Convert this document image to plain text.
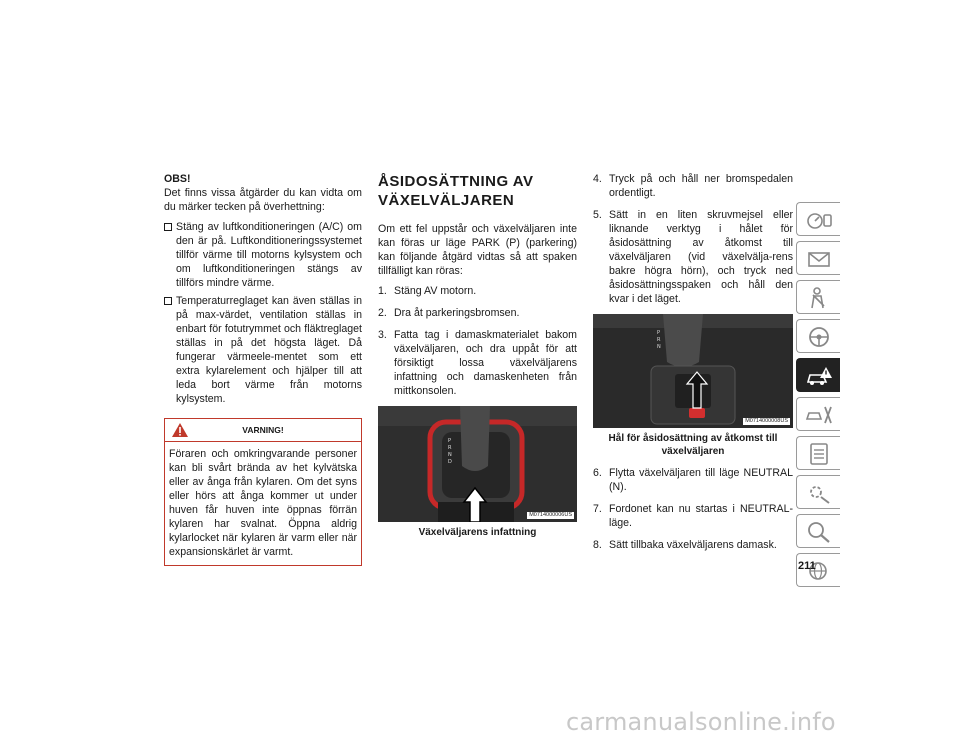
OBS!

Det finns vissa åtgärder du kan vidta om du märker tecken på överhettning:

Stäng av luftkonditioneringen (A/C) om den är på. Luftkonditioneringssystemet tillför värme till motorns kylsystem och om luftkonditioneringen stängs av tillförs mindre värme.
Temperaturreglaget kan även ställas in på max-värdet, ventilation ställas in enbart för fotutrymmet och fläktreglaget ställas in på det högsta läget. Då fungerar värmeele-mentet som ett extra kylarelement och hjälper till att leda bort värme från motorns kylsystem.
VARNING!
Föraren och omkringvarande personer kan bli svårt brända av het kylvätska eller av ånga från kylaren. Om det syns eller hörs att ånga kommer ut under huven får huven inte öppnas förrän kylaren har svalnat. Öppna aldrig kylarlocket när kylaren är varm eller när expansionskärlet är varmt.
ÅSIDOSÄTTNING AV VÄXELVÄLJAREN

Om ett fel uppstår och växelväljaren inte kan föras ur läge PARK (P) (parkering) kan följande åtgärd vidtas så att spaken tillfälligt kan röras:

1. Stäng AV motorn.
2. Dra åt parkeringsbromsen.
3. Fatta tag i damaskmaterialet bakom växelväljaren, och dra uppåt för att försiktigt lossa växelväljarens infattning och damaskenheten från mittkonsolen.
P
R
N
D
M0714000006US
Växelväljarens infattning
4. Tryck på och håll ner bromspedalen ordentligt.
5. Sätt in en liten skruvmejsel eller liknande verktyg i hålet för åsidosättning av åtkomst till växelväljaren (vid växelvälja-rens bakre högra hörn), och tryck ned åsidosättningsspaken och håll den kvar i det läget.
P
R
N
M0714000008US
Hål för åsidosättning av åtkomst till växelväljaren
6. Flytta växelväljaren till läge NEUTRAL (N).
7. Fordonet kan nu startas i NEUTRAL-läge.
8. Sätt tillbaka växelväljarens damask.
211
carmanualsonline.info
